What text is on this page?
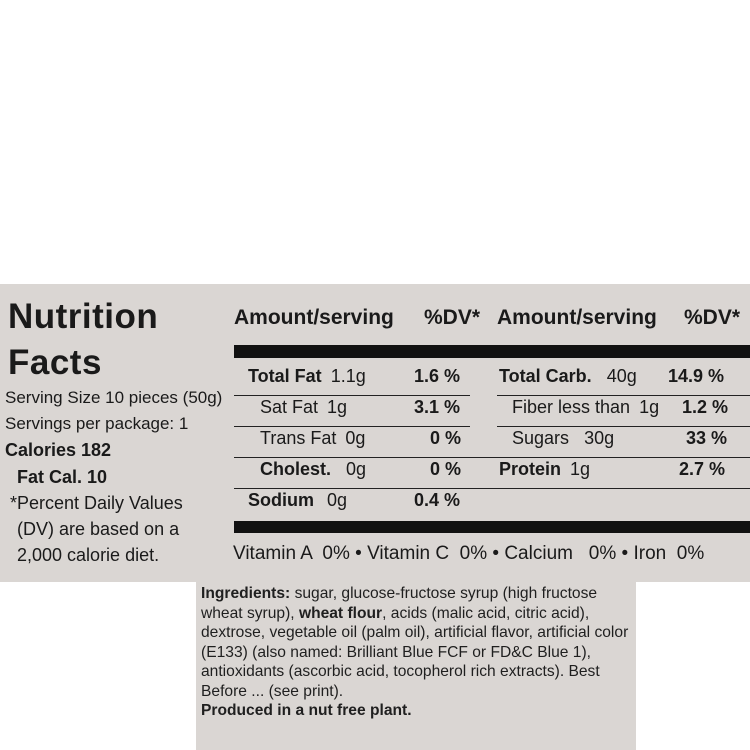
Nutrition
Facts
Serving Size 10 pieces (50g)
Servings per package: 1
Calories 182
Fat Cal. 10
*Percent Daily Values
(DV) are based on a
2,000 calorie diet.
Amount/serving %DV* Amount/serving %DV*
Total Fat 1.1g	1.6 %
Sat Fat 1g	3.1 %
Trans Fat 0g	0 %
Cholest. 0g	0 %
Sodium 0g	0.4 %
Total Carb. 40g 14.9 %
Fiber less than 1g 1.2 %
Sugars 30g	33 %
Protein 1g	2.7 %
Vitamin A  0% • Vitamin C  0% • Calcium   0% • Iron  0%
Ingredients: sugar, glucose-fructose syrup (high fructose wheat syrup), wheat flour, acids (malic acid, citric acid), dextrose, vegetable oil (palm oil), artificial flavor, artificial color (E133) (also named: Brilliant Blue FCF or FD&C Blue 1), antioxidants (ascorbic acid, tocopherol rich extracts). Best Before ... (see print).
Produced in a nut free plant.
